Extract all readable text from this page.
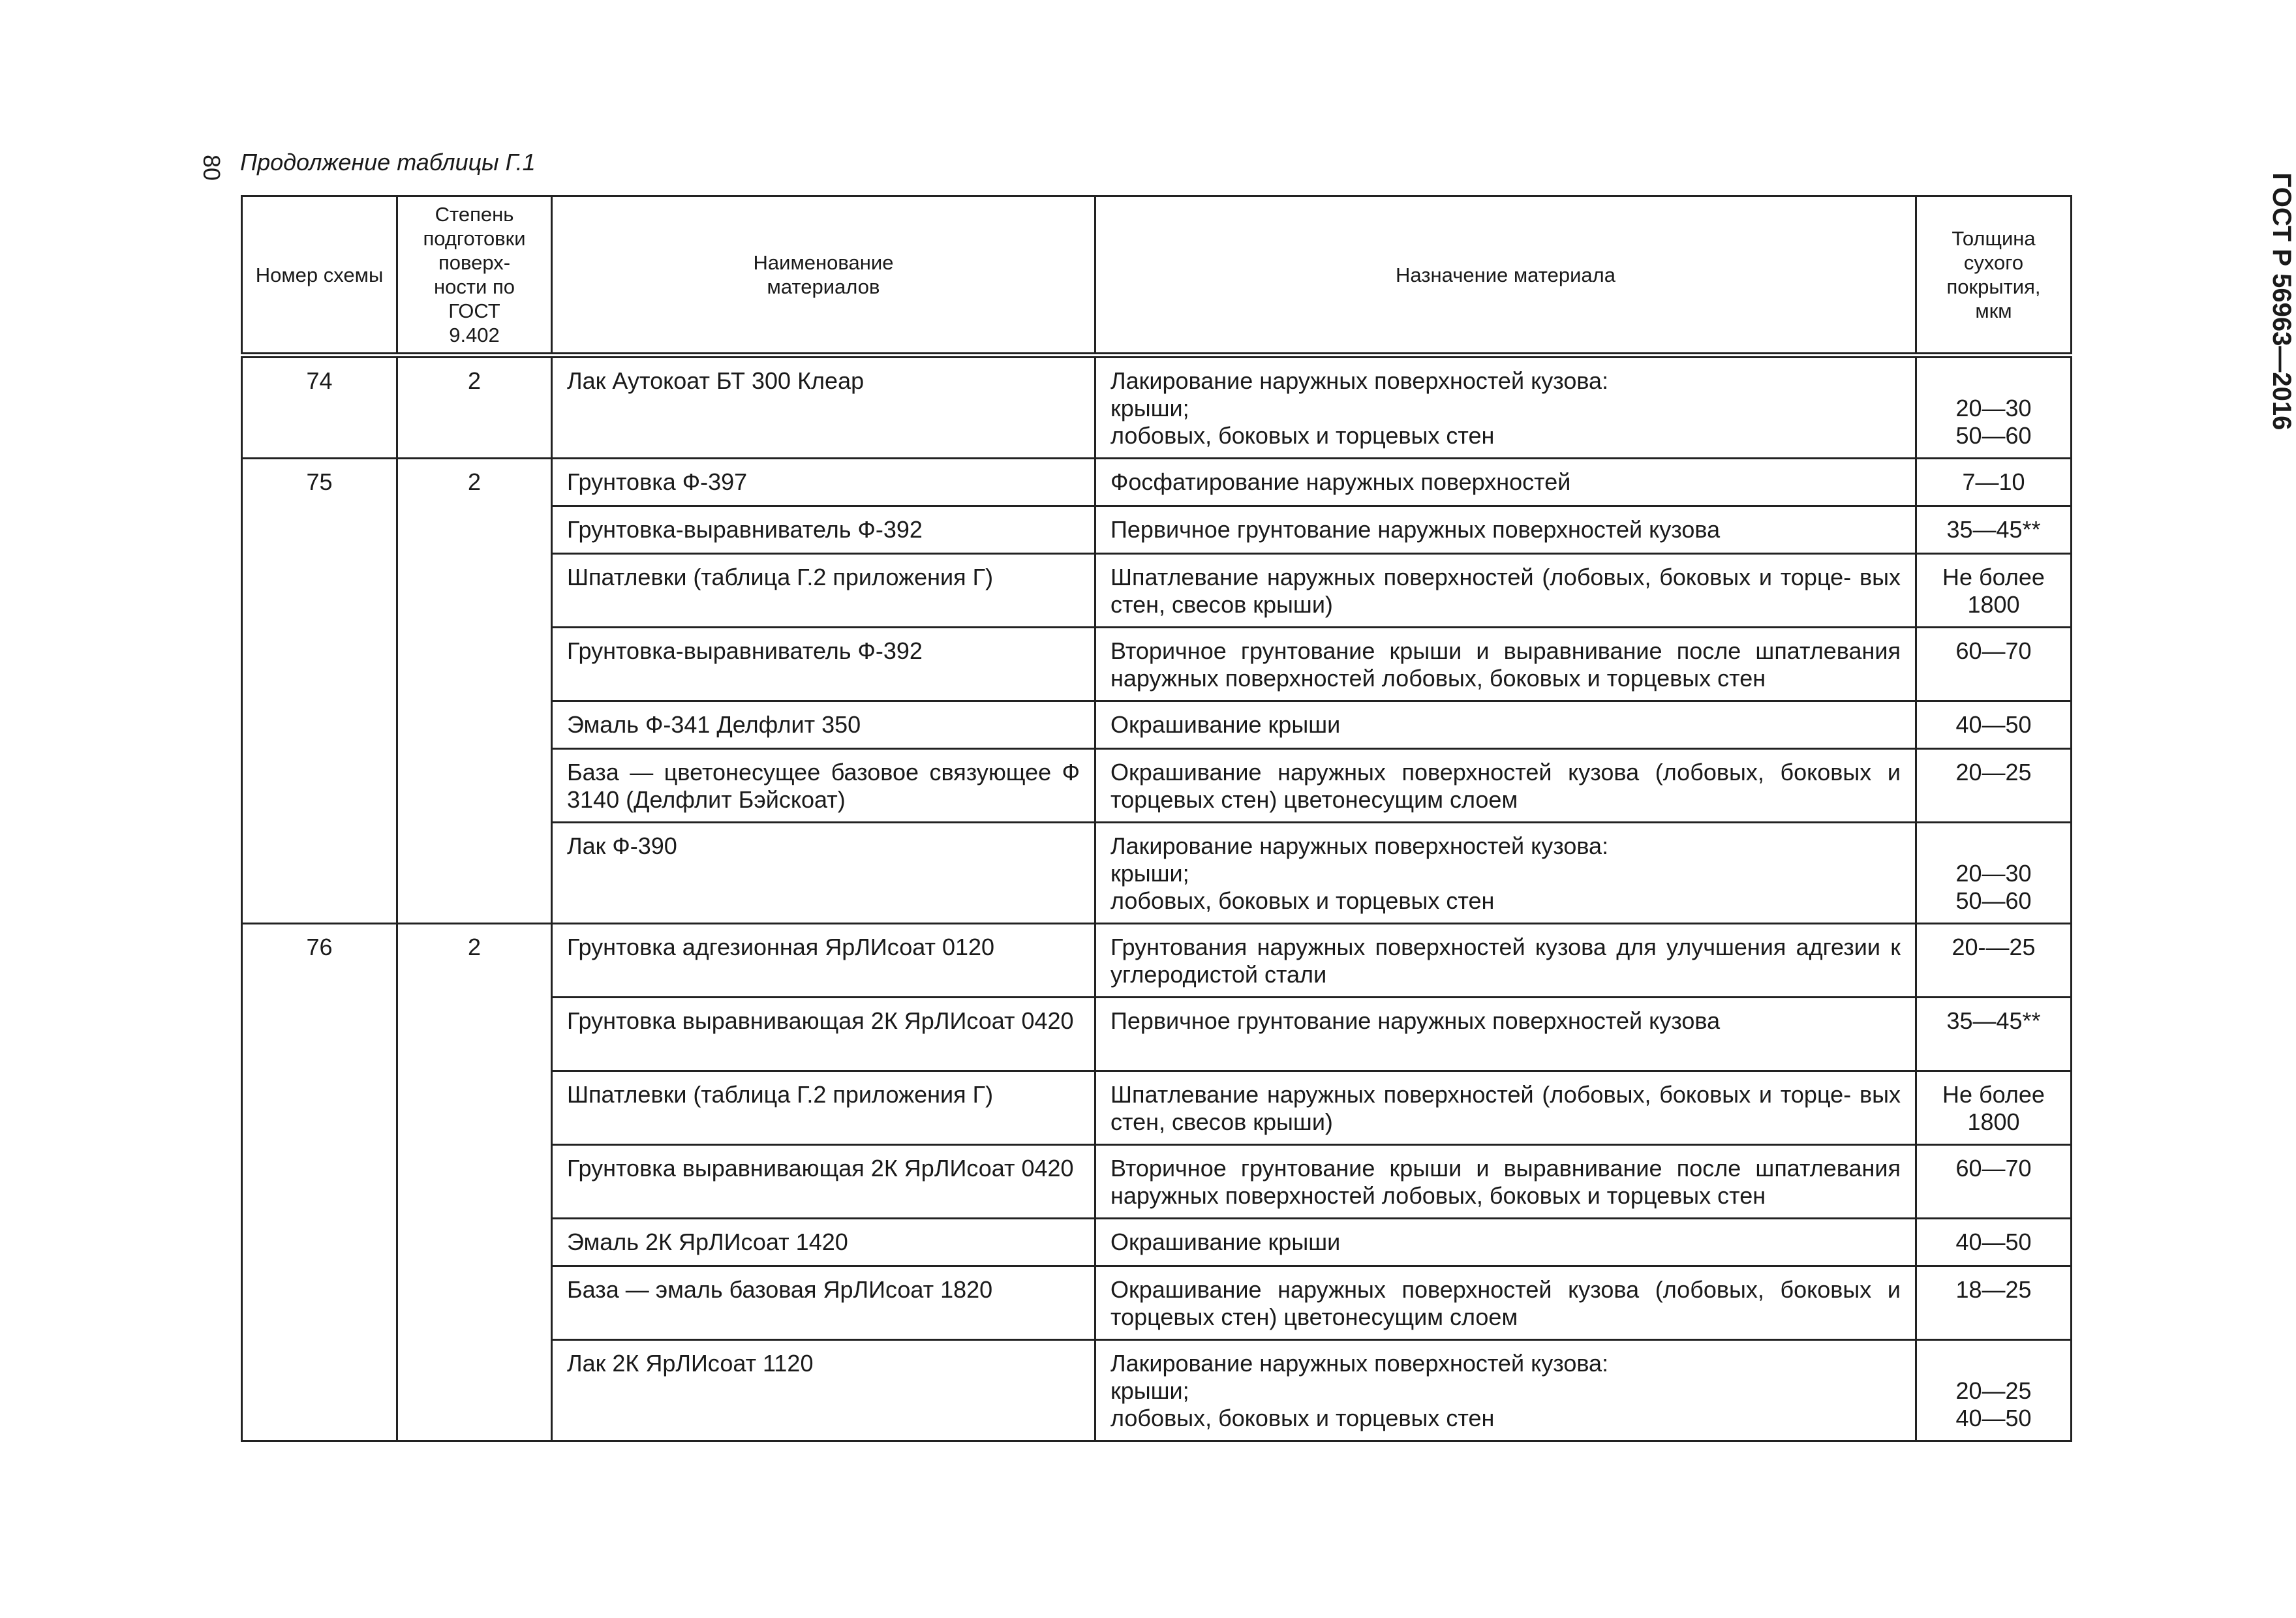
80 Продолжение таблицы Г.1
ГОСТ Р 56963—2016
Номер схемы	Степень подготовки поверх- ности по ГОСТ 9.402	Наименование материалов	Назначение материала	Толщина сухого покрытия, мкм
74	2	Лак Аутокоат БТ 300 Клеар	Лакирование наружных поверхностей кузова:
крыши;
лобовых, боковых и торцевых стен	20—30
50—60

75	2	Грунтовка Ф-397	Фосфатирование наружных поверхностей	7—10
		Грунтовка-выравниватель Ф-392	Первичное грунтование наружных поверхностей кузова	35—45**
		Шпатлевки (таблица Г.2 приложения Г)	Шпатлевание наружных поверхностей (лобовых, боковых и торце- вых стен, свесов крыши)	Не более 1800
		Грунтовка-выравниватель Ф-392	Вторичное грунтование крыши и выравнивание после шпатлевания наружных поверхностей лобовых, боковых и торцевых стен	60—70
		Эмаль Ф-341 Делфлит 350	Окрашивание крыши	40—50
		База — цветонесущее базовое связующее Ф 3140 (Делфлит Бэйскоат)	Окрашивание наружных поверхностей кузова (лобовых, боковых и торцевых стен) цветонесущим слоем	20—25
		Лак Ф-390	Лакирование наружных поверхностей кузова:
крыши;
лобовых, боковых и торцевых стен	20—30
50—60

76	2	Грунтовка адгезионная ЯрЛИсоат 0120	Грунтования наружных поверхностей кузова для улучшения адгезии к углеродистой стали	20-—25
		Грунтовка выравнивающая 2К ЯрЛИсоат 0420	Первичное грунтование наружных поверхностей кузова	35—45**
		Шпатлевки (таблица Г.2 приложения Г)	Шпатлевание наружных поверхностей (лобовых, боковых и торце- вых стен, свесов крыши)	Не более 1800
		Грунтовка выравнивающая 2К ЯрЛИсоат 0420	Вторичное грунтование крыши и выравнивание после шпатлевания наружных поверхностей лобовых, боковых и торцевых стен	60—70
		Эмаль 2К ЯрЛИсоат 1420	Окрашивание крыши	40—50
		База — эмаль базовая ЯрЛИсоат 1820	Окрашивание наружных поверхностей кузова (лобовых, боковых и торцевых стен) цветонесущим слоем	18—25
		Лак 2К ЯрЛИсоат 1120	Лакирование наружных поверхностей кузова:
крыши;
лобовых, боковых и торцевых стен	20—25
40—50
